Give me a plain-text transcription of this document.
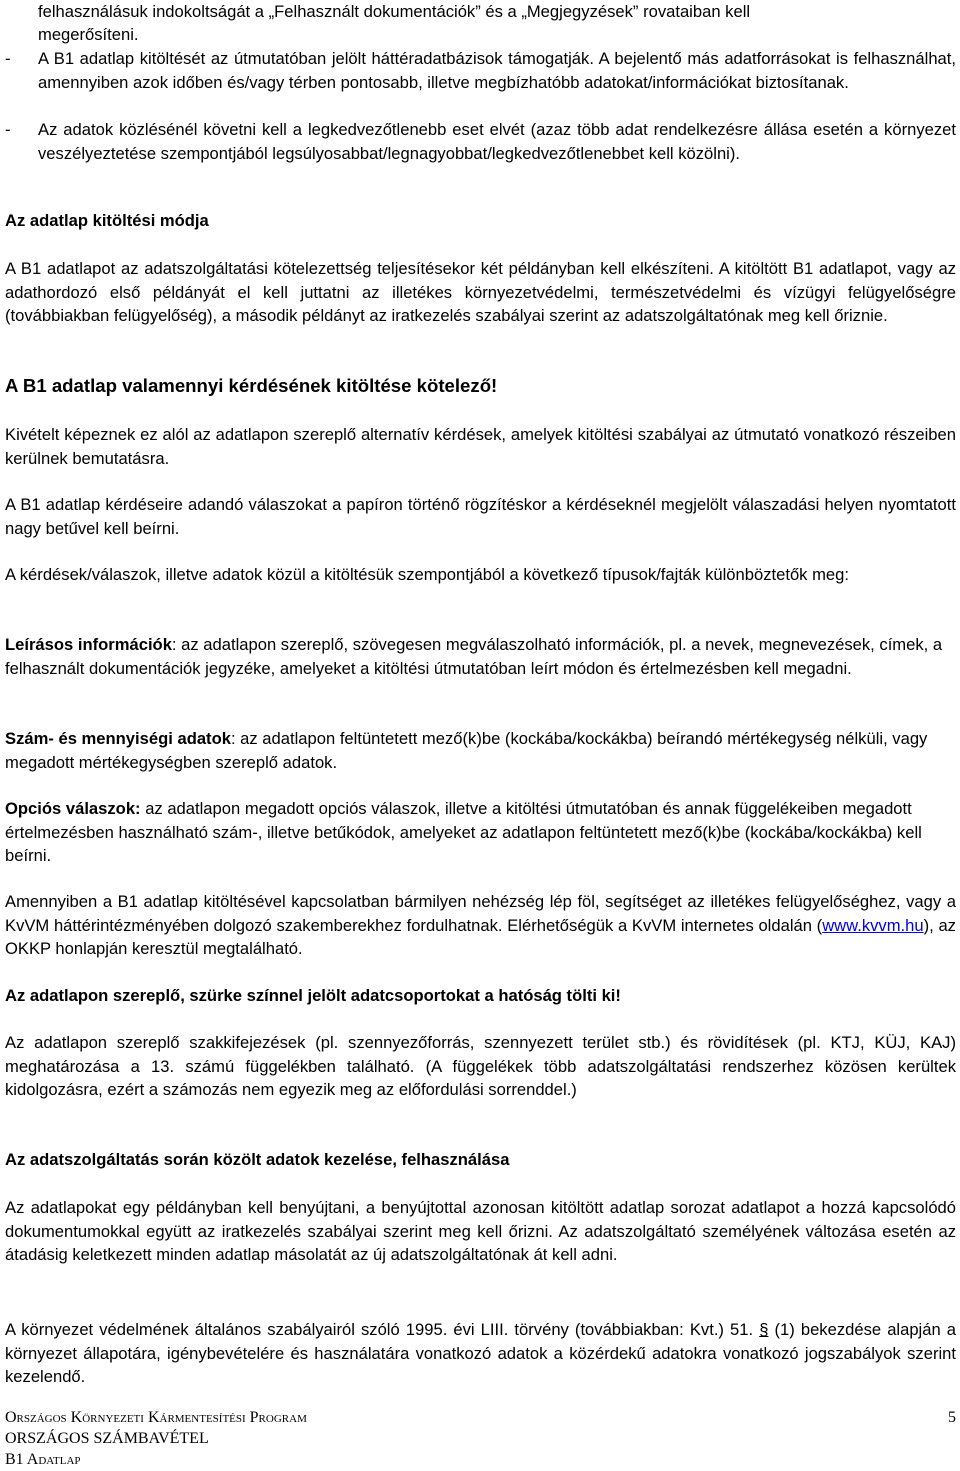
felhasználásuk indokoltságát a „Felhasznált dokumentációk” és a „Megjegyzések” rovataiban kell

megerősíteni.

-	A B1 adatlap kitöltését az útmutatóban jelölt háttéradatbázisok támogatják. A bejelentő más adatforrásokat is felhasználhat, amennyiben azok időben és/vagy térben pontosabb, illetve megbízhatóbb adatokat/információkat biztosítanak.
-	Az adatok közlésénél követni kell a legkedvezőtlenebb eset elvét (azaz több adat rendelkezésre állása esetén a környezet veszélyeztetése szempontjából legsúlyosabbat/legnagyobbat/legkedvezőtlenebbet kell közölni).

Az adatlap kitöltési módja

A B1 adatlapot az adatszolgáltatási kötelezettség teljesítésekor két példányban kell elkészíteni. A kitöltött B1 adatlapot, vagy az adathordozó első példányát el kell juttatni az illetékes környezetvédelmi, természetvédelmi és vízügyi felügyelőségre (továbbiakban felügyelőség), a második példányt az iratkezelés szabályai szerint az adatszolgáltatónak meg kell őriznie.

A B1 adatlap valamennyi kérdésének kitöltése kötelező!

Kivételt képeznek ez alól az adatlapon szereplő alternatív kérdések, amelyek kitöltési szabályai az útmutató vonatkozó részeiben kerülnek bemutatásra.

A B1 adatlap kérdéseire adandó válaszokat a papíron történő rögzítéskor a kérdéseknél megjelölt válaszadási helyen nyomtatott nagy betűvel kell beírni.

A kérdések/válaszok, illetve adatok közül a kitöltésük szempontjából a következő típusok/fajták különböztetők meg:

Leírásos információk: az adatlapon szereplő, szövegesen megválaszolható információk, pl. a nevek, megnevezések, címek, a felhasznált dokumentációk jegyzéke, amelyeket a kitöltési útmutatóban leírt módon és értelmezésben kell megadni.

Szám- és mennyiségi adatok: az adatlapon feltüntetett mező(k)be (kockába/kockákba) beírandó mértékegység nélküli, vagy megadott mértékegységben szereplő adatok.

Opciós válaszok: az adatlapon megadott opciós válaszok, illetve a kitöltési útmutatóban és annak függelékeiben megadott értelmezésben használható szám-, illetve betűkódok, amelyeket az adatlapon feltüntetett mező(k)be (kockába/kockákba) kell beírni.

Amennyiben a B1 adatlap kitöltésével kapcsolatban bármilyen nehézség lép föl, segítséget az illetékes felügyelőséghez, vagy a KvVM háttérintézményében dolgozó szakemberekhez fordulhatnak. Elérhetőségük a KvVM internetes oldalán (www.kvvm.hu), az OKKP honlapján keresztül megtalálható.

Az adatlapon szereplő, szürke színnel jelölt adatcsoportokat a hatóság tölti ki!

Az adatlapon szereplő szakkifejezések (pl. szennyezőforrás, szennyezett terület stb.) és rövidítések (pl. KTJ, KÜJ, KAJ) meghatározása a 13. számú függelékben található. (A függelékek több adatszolgáltatási rendszerhez közösen kerültek kidolgozásra, ezért a számozás nem egyezik meg az előfordulási sorrenddel.)

Az adatszolgáltatás során közölt adatok kezelése, felhasználása

Az adatlapokat egy példányban kell benyújtani, a benyújtottal azonosan kitöltött adatlap sorozat adatlapot a hozzá kapcsolódó dokumentumokkal együtt az iratkezelés szabályai szerint meg kell őrizni. Az adatszolgáltató személyének változása esetén az átadásig keletkezett minden adatlap másolatát az új adatszolgáltatónak át kell adni.

A környezet védelmének általános szabályairól szóló 1995. évi LIII. törvény (továbbiakban: Kvt.) 51. § (1) bekezdése alapján a környezet állapotára, igénybevételére és használatára vonatkozó adatok a közérdekű adatokra vonatkozó jogszabályok szerint kezelendő.

Országos Környezeti Kármentesítési Program	5
ORSZÁGOS SZÁMBAVÉTEL
B1 Adatlap
